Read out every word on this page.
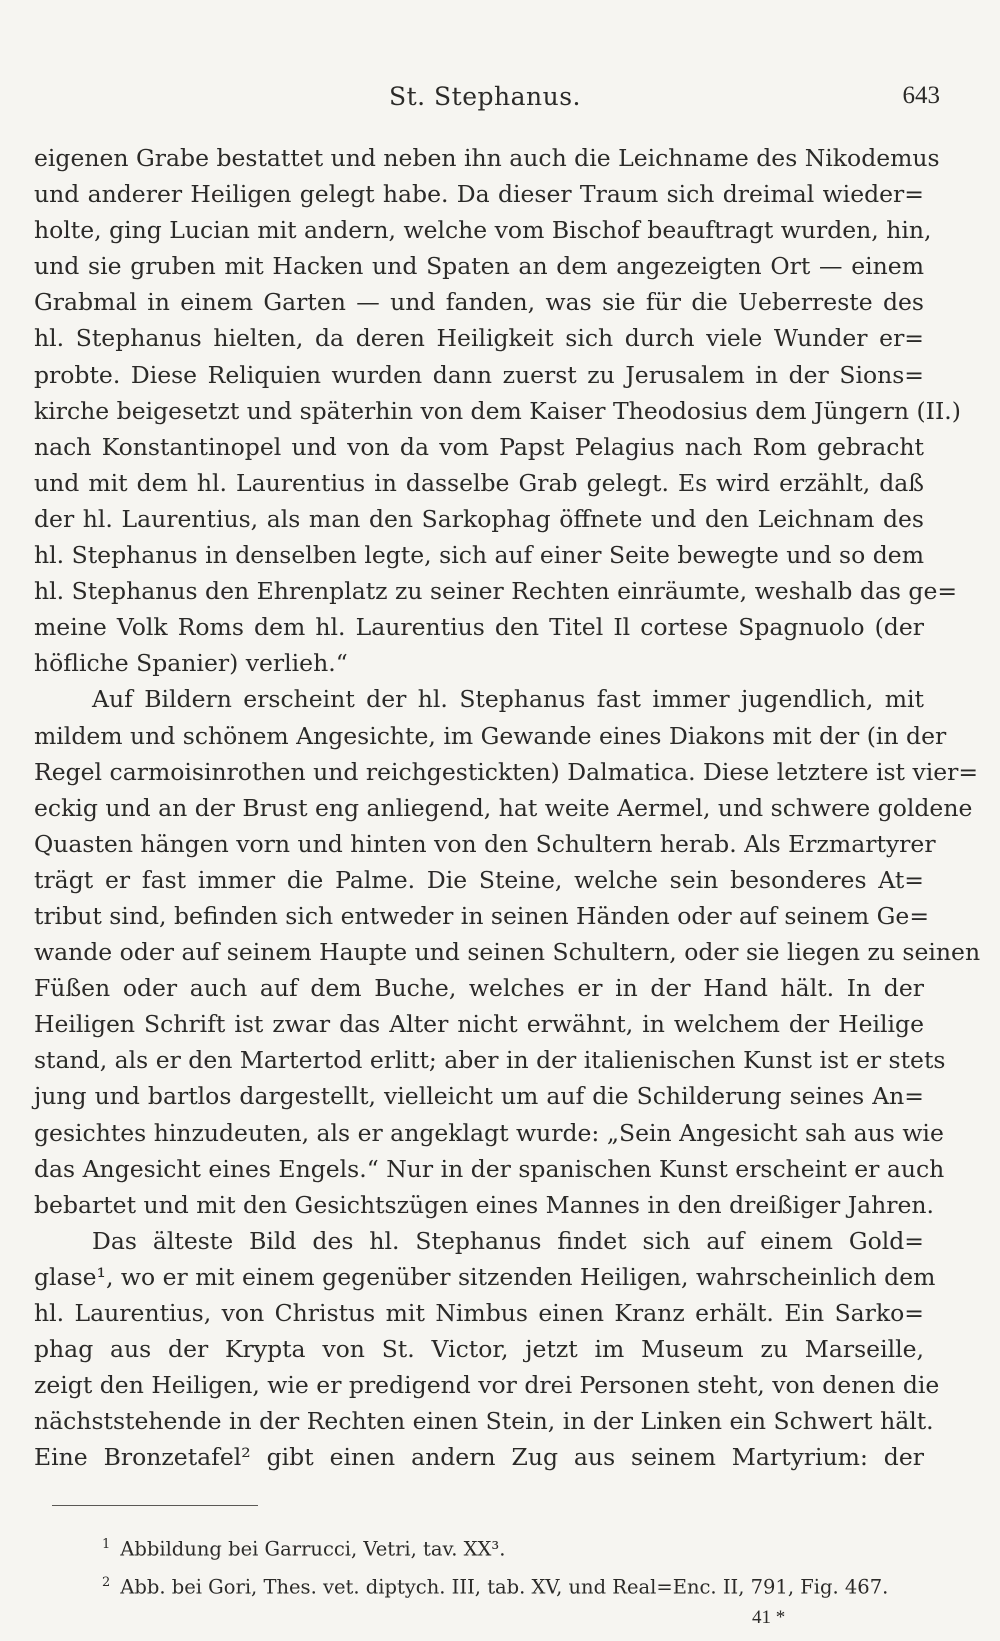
St. Stephanus.	643
eigenen Grabe bestattet und neben ihn auch die Leichname des Nikodemus
und anderer Heiligen gelegt habe. Da dieser Traum sich dreimal wieder=
holte, ging Lucian mit andern, welche vom Bischof beauftragt wurden, hin,
und sie gruben mit Hacken und Spaten an dem angezeigten Ort — einem
Grabmal in einem Garten — und fanden, was sie für die Ueberreste des
hl. Stephanus hielten, da deren Heiligkeit sich durch viele Wunder er=
probte. Diese Reliquien wurden dann zuerst zu Jerusalem in der Sions=
kirche beigesetzt und späterhin von dem Kaiser Theodosius dem Jüngern (II.)
nach Konstantinopel und von da vom Papst Pelagius nach Rom gebracht
und mit dem hl. Laurentius in dasselbe Grab gelegt. Es wird erzählt, daß
der hl. Laurentius, als man den Sarkophag öffnete und den Leichnam des
hl. Stephanus in denselben legte, sich auf einer Seite bewegte und so dem
hl. Stephanus den Ehrenplatz zu seiner Rechten einräumte, weshalb das ge=
meine Volk Roms dem hl. Laurentius den Titel Il cortese Spagnuolo (der
höfliche Spanier) verlieh.“
Auf Bildern erscheint der hl. Stephanus fast immer jugendlich, mit
mildem und schönem Angesichte, im Gewande eines Diakons mit der (in der
Regel carmoisinrothen und reichgestickten) Dalmatica. Diese letztere ist vier=
eckig und an der Brust eng anliegend, hat weite Aermel, und schwere goldene
Quasten hängen vorn und hinten von den Schultern herab. Als Erzmartyrer
trägt er fast immer die Palme. Die Steine, welche sein besonderes At=
tribut sind, befinden sich entweder in seinen Händen oder auf seinem Ge=
wande oder auf seinem Haupte und seinen Schultern, oder sie liegen zu seinen
Füßen oder auch auf dem Buche, welches er in der Hand hält. In der
Heiligen Schrift ist zwar das Alter nicht erwähnt, in welchem der Heilige
stand, als er den Martertod erlitt; aber in der italienischen Kunst ist er stets
jung und bartlos dargestellt, vielleicht um auf die Schilderung seines An=
gesichtes hinzudeuten, als er angeklagt wurde: „Sein Angesicht sah aus wie
das Angesicht eines Engels.“ Nur in der spanischen Kunst erscheint er auch
bebartet und mit den Gesichtszügen eines Mannes in den dreißiger Jahren.
Das älteste Bild des hl. Stephanus findet sich auf einem Gold=
glase¹, wo er mit einem gegenüber sitzenden Heiligen, wahrscheinlich dem
hl. Laurentius, von Christus mit Nimbus einen Kranz erhält. Ein Sarko=
phag aus der Krypta von St. Victor, jetzt im Museum zu Marseille,
zeigt den Heiligen, wie er predigend vor drei Personen steht, von denen die
nächststehende in der Rechten einen Stein, in der Linken ein Schwert hält.
Eine Bronzetafel² gibt einen andern Zug aus seinem Martyrium: der
$^1$ Abbildung bei Garrucci, Vetri, tav. XX³.
$^2$ Abb. bei Gori, Thes. vet. diptych. III, tab. XV, und Real=Enc. II, 791, Fig. 467.
41 *
